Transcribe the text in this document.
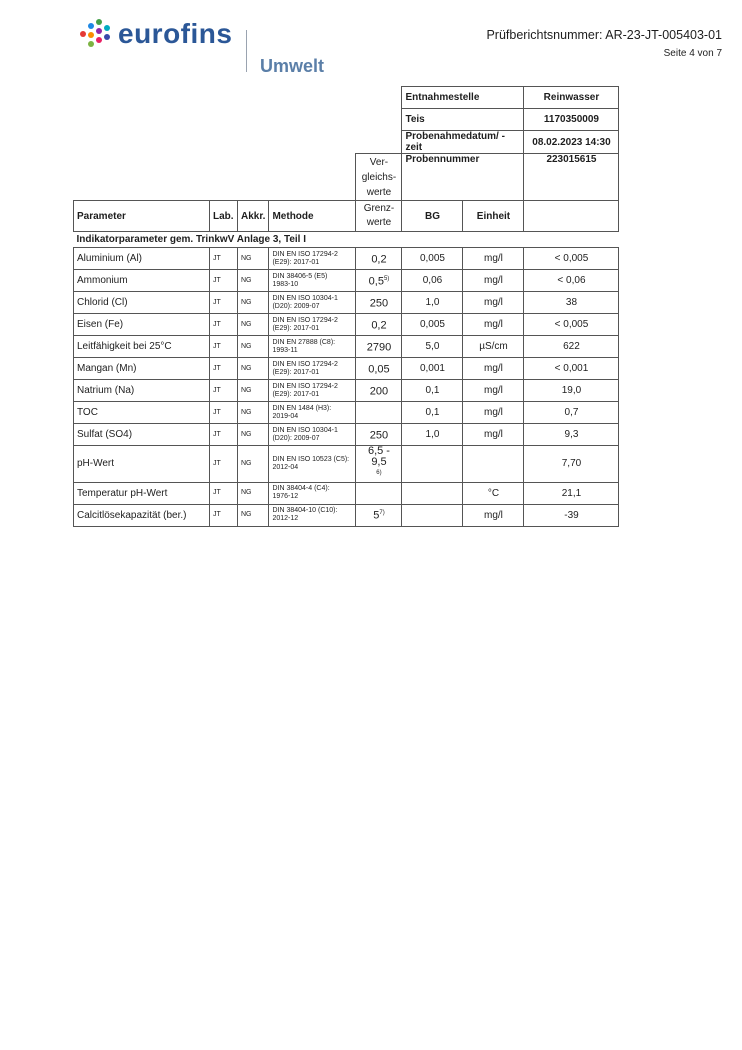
eurofins
Umwelt
Prüfberichtsnummer: AR-23-JT-005403-01
Seite 4 von 7
					Entnahmestelle		Reinwasser
					Teis		1170350009
					Probenahmedatum/ -zeit		08.02.2023 14:30
				Ver-
gleichs-
werte	Probennummer		223015615
Parameter	Lab.	Akkr.	Methode	Grenz-
werte	BG	Einheit	
Indikatorparameter gem. TrinkwV Anlage 3, Teil I							
Aluminium (Al)	JT	NG	DIN EN ISO 17294-2
(E29): 2017-01	0,2	0,005	mg/l	< 0,005
Ammonium	JT	NG	DIN 38406-5 (E5)
1983-10	0,5$^{5)}$	0,06	mg/l	< 0,06
Chlorid (Cl)	JT	NG	DIN EN ISO 10304-1
(D20): 2009-07	250	1,0	mg/l	38
Eisen (Fe)	JT	NG	DIN EN ISO 17294-2
(E29): 2017-01	0,2	0,005	mg/l	< 0,005
Leitfähigkeit bei 25°C	JT	NG	DIN EN 27888 (C8):
1993-11	2790	5,0	µS/cm	622
Mangan (Mn)	JT	NG	DIN EN ISO 17294-2
(E29): 2017-01	0,05	0,001	mg/l	< 0,001
Natrium (Na)	JT	NG	DIN EN ISO 17294-2
(E29): 2017-01	200	0,1	mg/l	19,0
TOC	JT	NG	DIN EN 1484 (H3):
2019-04		0,1	mg/l	0,7
Sulfat (SO4)	JT	NG	DIN EN ISO 10304-1
(D20): 2009-07	250	1,0	mg/l	9,3
pH-Wert	JT	NG	DIN EN ISO 10523 (C5):
2012-04	6,5 - 9,5
$^{6)}$			7,70
Temperatur pH-Wert	JT	NG	DIN 38404-4 (C4):
1976-12			°C	21,1
Calcitlösekapazität (ber.)	JT	NG	DIN 38404-10 (C10):
2012-12	5$^{7)}$		mg/l	-39
